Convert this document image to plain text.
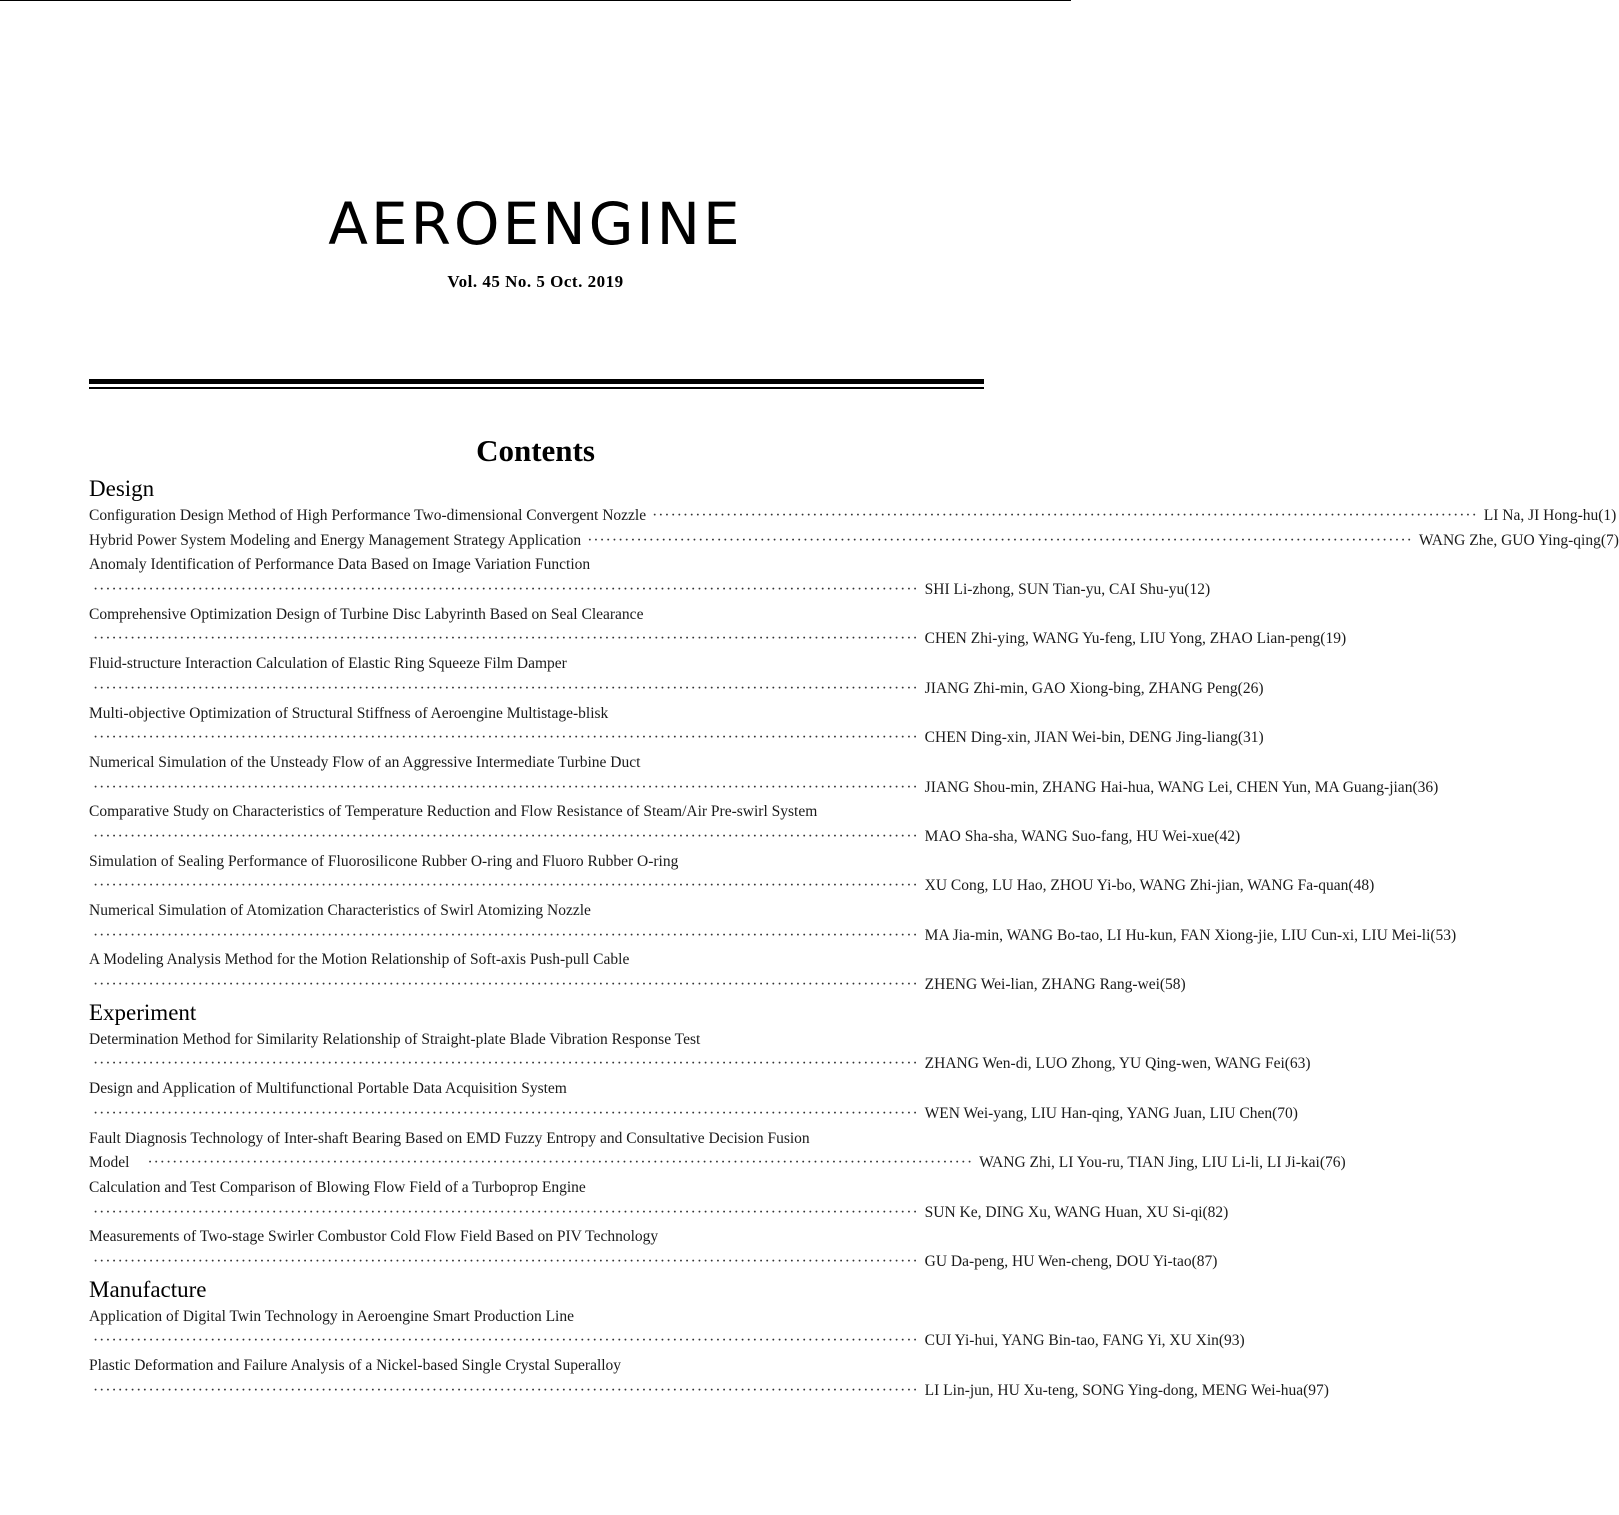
AEROENGINE
Vol. 45 No. 5 Oct. 2019
Contents
Design
Configuration Design Method of High Performance Two-dimensional Convergent Nozzle ······································································································································ LI Na, JI Hong-hu(1)
Hybrid Power System Modeling and Energy Management Strategy Application ······································································································································ WANG Zhe, GUO Ying-qing(7)
Anomaly Identification of Performance Data Based on Image Variation Function
······································································································································ SHI Li-zhong, SUN Tian-yu, CAI Shu-yu(12)
Comprehensive Optimization Design of Turbine Disc Labyrinth Based on Seal Clearance
······································································································································ CHEN Zhi-ying, WANG Yu-feng, LIU Yong, ZHAO Lian-peng(19)
Fluid-structure Interaction Calculation of Elastic Ring Squeeze Film Damper
······································································································································ JIANG Zhi-min, GAO Xiong-bing, ZHANG Peng(26)
Multi-objective Optimization of Structural Stiffness of Aeroengine Multistage-blisk
······································································································································ CHEN Ding-xin, JIAN Wei-bin, DENG Jing-liang(31)
Numerical Simulation of the Unsteady Flow of an Aggressive Intermediate Turbine Duct
······································································································································ JIANG Shou-min, ZHANG Hai-hua, WANG Lei, CHEN Yun, MA Guang-jian(36)
Comparative Study on Characteristics of Temperature Reduction and Flow Resistance of Steam/Air Pre-swirl System
······································································································································ MAO Sha-sha, WANG Suo-fang, HU Wei-xue(42)
Simulation of Sealing Performance of Fluorosilicone Rubber O-ring and Fluoro Rubber O-ring
······································································································································ XU Cong, LU Hao, ZHOU Yi-bo, WANG Zhi-jian, WANG Fa-quan(48)
Numerical Simulation of Atomization Characteristics of Swirl Atomizing Nozzle
······································································································································ MA Jia-min, WANG Bo-tao, LI Hu-kun, FAN Xiong-jie, LIU Cun-xi, LIU Mei-li(53)
A Modeling Analysis Method for the Motion Relationship of Soft-axis Push-pull Cable
······································································································································ ZHENG Wei-lian, ZHANG Rang-wei(58)
Experiment
Determination Method for Similarity Relationship of Straight-plate Blade Vibration Response Test
······································································································································ ZHANG Wen-di, LUO Zhong, YU Qing-wen, WANG Fei(63)
Design and Application of Multifunctional Portable Data Acquisition System
······································································································································ WEN Wei-yang, LIU Han-qing, YANG Juan, LIU Chen(70)
Fault Diagnosis Technology of Inter-shaft Bearing Based on EMD Fuzzy Entropy and Consultative Decision Fusion
Model ······································································································································ WANG Zhi, LI You-ru, TIAN Jing, LIU Li-li, LI Ji-kai(76)
Calculation and Test Comparison of Blowing Flow Field of a Turboprop Engine
······································································································································ SUN Ke, DING Xu, WANG Huan, XU Si-qi(82)
Measurements of Two-stage Swirler Combustor Cold Flow Field Based on PIV Technology
······································································································································ GU Da-peng, HU Wen-cheng, DOU Yi-tao(87)
Manufacture
Application of Digital Twin Technology in Aeroengine Smart Production Line
······································································································································ CUI Yi-hui, YANG Bin-tao, FANG Yi, XU Xin(93)
Plastic Deformation and Failure Analysis of a Nickel-based Single Crystal Superalloy
······································································································································ LI Lin-jun, HU Xu-teng, SONG Ying-dong, MENG Wei-hua(97)
